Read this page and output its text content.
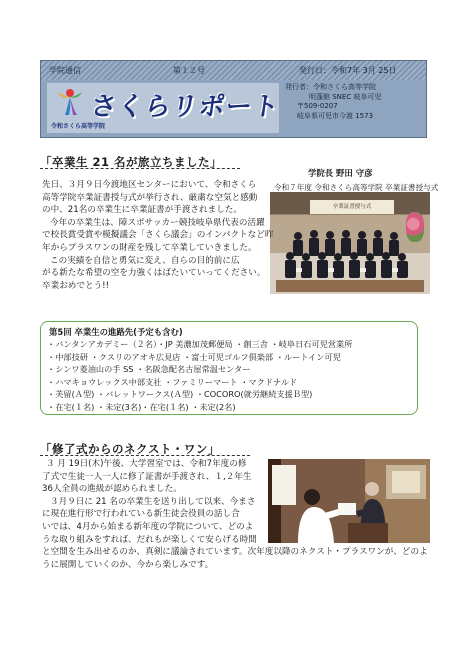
学院通信	第１２号	発行日：令和7年 3月 25日
さくらリポート
令和さくら高等学院
発行者：令和さくら高等学院
明蓬館 SNEC 岐阜可児
〒509-0207
岐阜県可児市今渡 1573
「卒業生 21 名が旅立ちました」
学院長 野田 守彦
令和７年度 令和さくら高等学院 卒業証書授与式
卒業証書授与式

先日、３月９日今渡地区センターにおいて、令和さくら

高等学院卒業証書授与式が挙行され、厳粛な空気と感動

の中、21名の卒業生に卒業証書が手渡されました。

今年の卒業生は、障スポサッカー競技岐阜県代表の活躍

で校長賞受賞や模擬議会「さくら議会」のインパクトなど昨

年からプラスワンの財産を残して卒業していきました。

この実績を自信と勇気に変え、自らの目的前に広

がる新たな希望の空を力強くはばたいていってください。

卒業おめでとう!!

第5回 卒業生の進路先(予定も含む)
・バンタンアカデミー（２名）・JP 美濃加茂郵便局 ・創三舎 ・岐阜日石可児営業所
・中部技研 ・クスリのアオキ広見店 ・富士可児ゴルフ倶楽部 ・ルートイン可児
・シンワ菱油山の手 SS ・名阪急配名古屋常温センター
・ハマキョウレックス中部支社 ・ファミリーマート ・マクドナルド
・芙留(Ａ型) ・バレットワークス(Ａ型) ・COCORO(就労継続支援Ｂ型)
・在宅(１名) ・未定(3名)・在宅(１名) ・未定(2名)
「修了式からのネクスト・ワン」

３ 月 19日(木)午後、大学習室では、令和7年度の修

了式で生徒一人一人に修了証書が手渡され、１,２年生

36人全員の進級が認められました。

３月９日に 21 名の卒業生を送り出して以来、今まさ

に現在進行形で行われている新生徒会役員の話し合

いでは、4月から始まる新年度の学院について、どのよ

うな取り組みをすれば、だれもが楽しくて安らげる時間

と空間を生み出せるのか、真剣に議論されています。次年度以降のネクスト・プラスワンが、どのよ

うに展開していくのか、今から楽しみです。
